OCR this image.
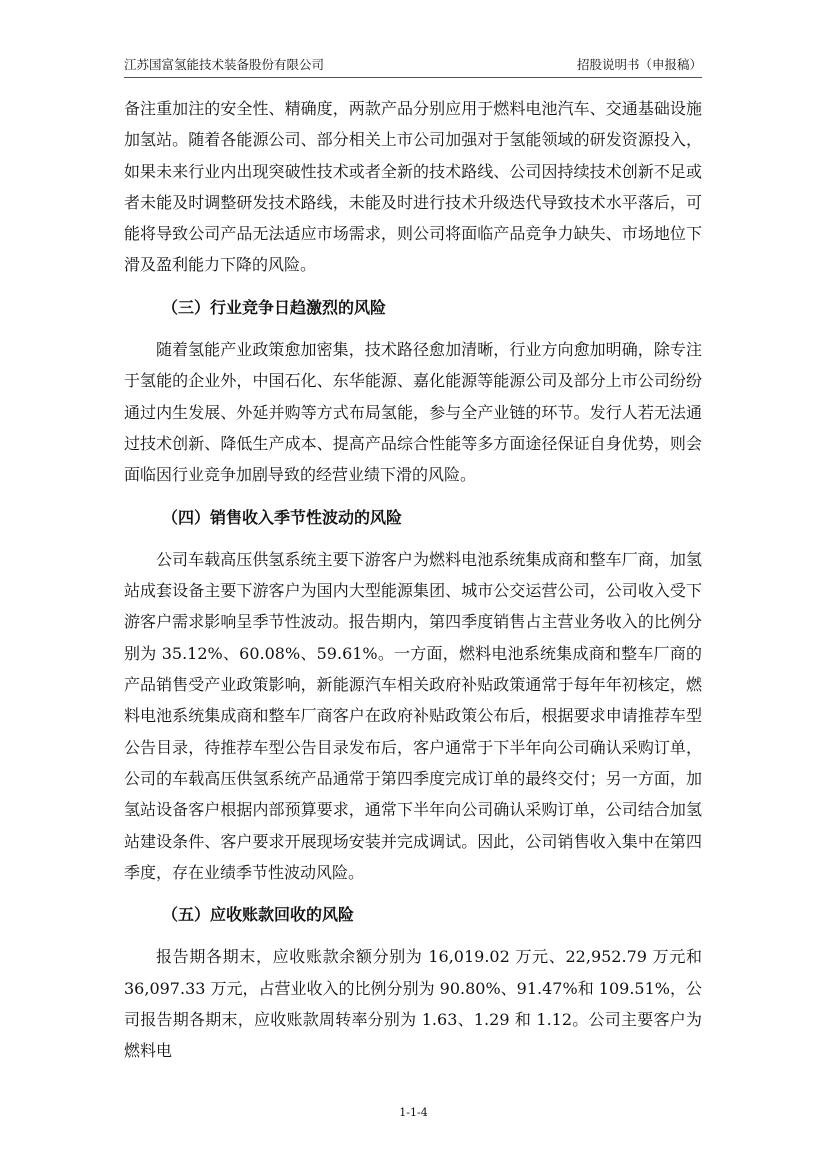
江苏国富氢能技术装备股份有限公司	招股说明书（申报稿）

备注重加注的安全性、精确度，两款产品分别应用于燃料电池汽车、交通基础设施加氢站。随着各能源公司、部分相关上市公司加强对于氢能领域的研发资源投入，如果未来行业内出现突破性技术或者全新的技术路线、公司因持续技术创新不足或者未能及时调整研发技术路线，未能及时进行技术升级迭代导致技术水平落后，可能将导致公司产品无法适应市场需求，则公司将面临产品竞争力缺失、市场地位下滑及盈利能力下降的风险。

（三）行业竞争日趋激烈的风险

随着氢能产业政策愈加密集，技术路径愈加清晰，行业方向愈加明确，除专注于氢能的企业外，中国石化、东华能源、嘉化能源等能源公司及部分上市公司纷纷通过内生发展、外延并购等方式布局氢能，参与全产业链的环节。发行人若无法通过技术创新、降低生产成本、提高产品综合性能等多方面途径保证自身优势，则会面临因行业竞争加剧导致的经营业绩下滑的风险。

（四）销售收入季节性波动的风险

公司车载高压供氢系统主要下游客户为燃料电池系统集成商和整车厂商，加氢站成套设备主要下游客户为国内大型能源集团、城市公交运营公司，公司收入受下游客户需求影响呈季节性波动。报告期内，第四季度销售占主营业务收入的比例分别为 35.12%、60.08%、59.61%。一方面，燃料电池系统集成商和整车厂商的产品销售受产业政策影响，新能源汽车相关政府补贴政策通常于每年年初核定，燃料电池系统集成商和整车厂商客户在政府补贴政策公布后，根据要求申请推荐车型公告目录，待推荐车型公告目录发布后，客户通常于下半年向公司确认采购订单，公司的车载高压供氢系统产品通常于第四季度完成订单的最终交付；另一方面，加氢站设备客户根据内部预算要求，通常下半年向公司确认采购订单，公司结合加氢站建设条件、客户要求开展现场安装并完成调试。因此，公司销售收入集中在第四季度，存在业绩季节性波动风险。

（五）应收账款回收的风险

报告期各期末，应收账款余额分别为 16,019.02 万元、22,952.79 万元和 36,097.33 万元，占营业收入的比例分别为 90.80%、91.47%和 109.51%，公司报告期各期末，应收账款周转率分别为 1.63、1.29 和 1.12。公司主要客户为燃料电

1-1-4
